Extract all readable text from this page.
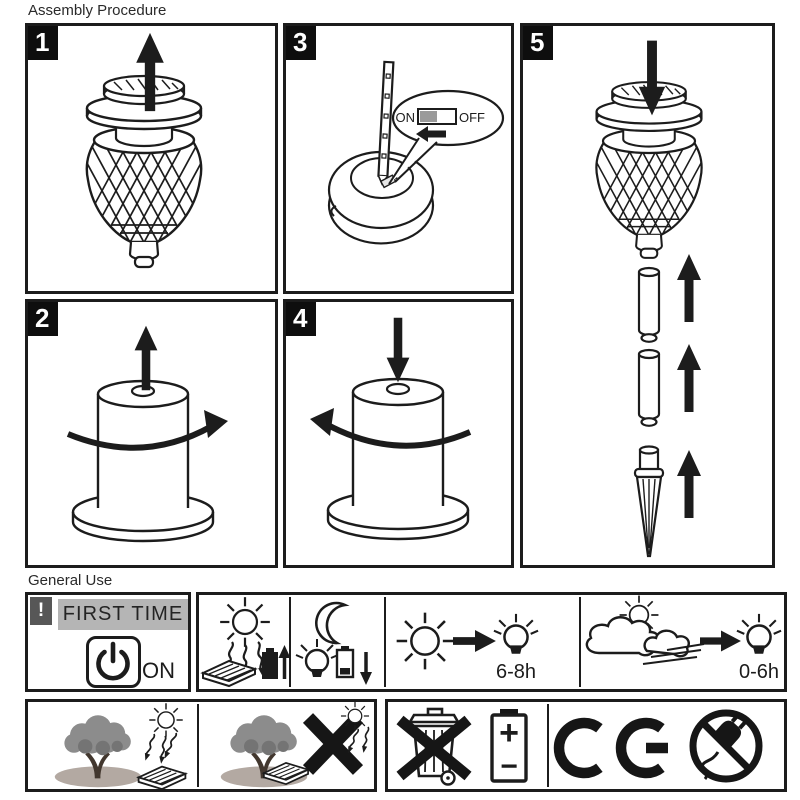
Assembly Procedure
1
2
3
ON	OFF
4
5
General Use
! FIRST TIME
ON	6-8h	0-6h
+
−
